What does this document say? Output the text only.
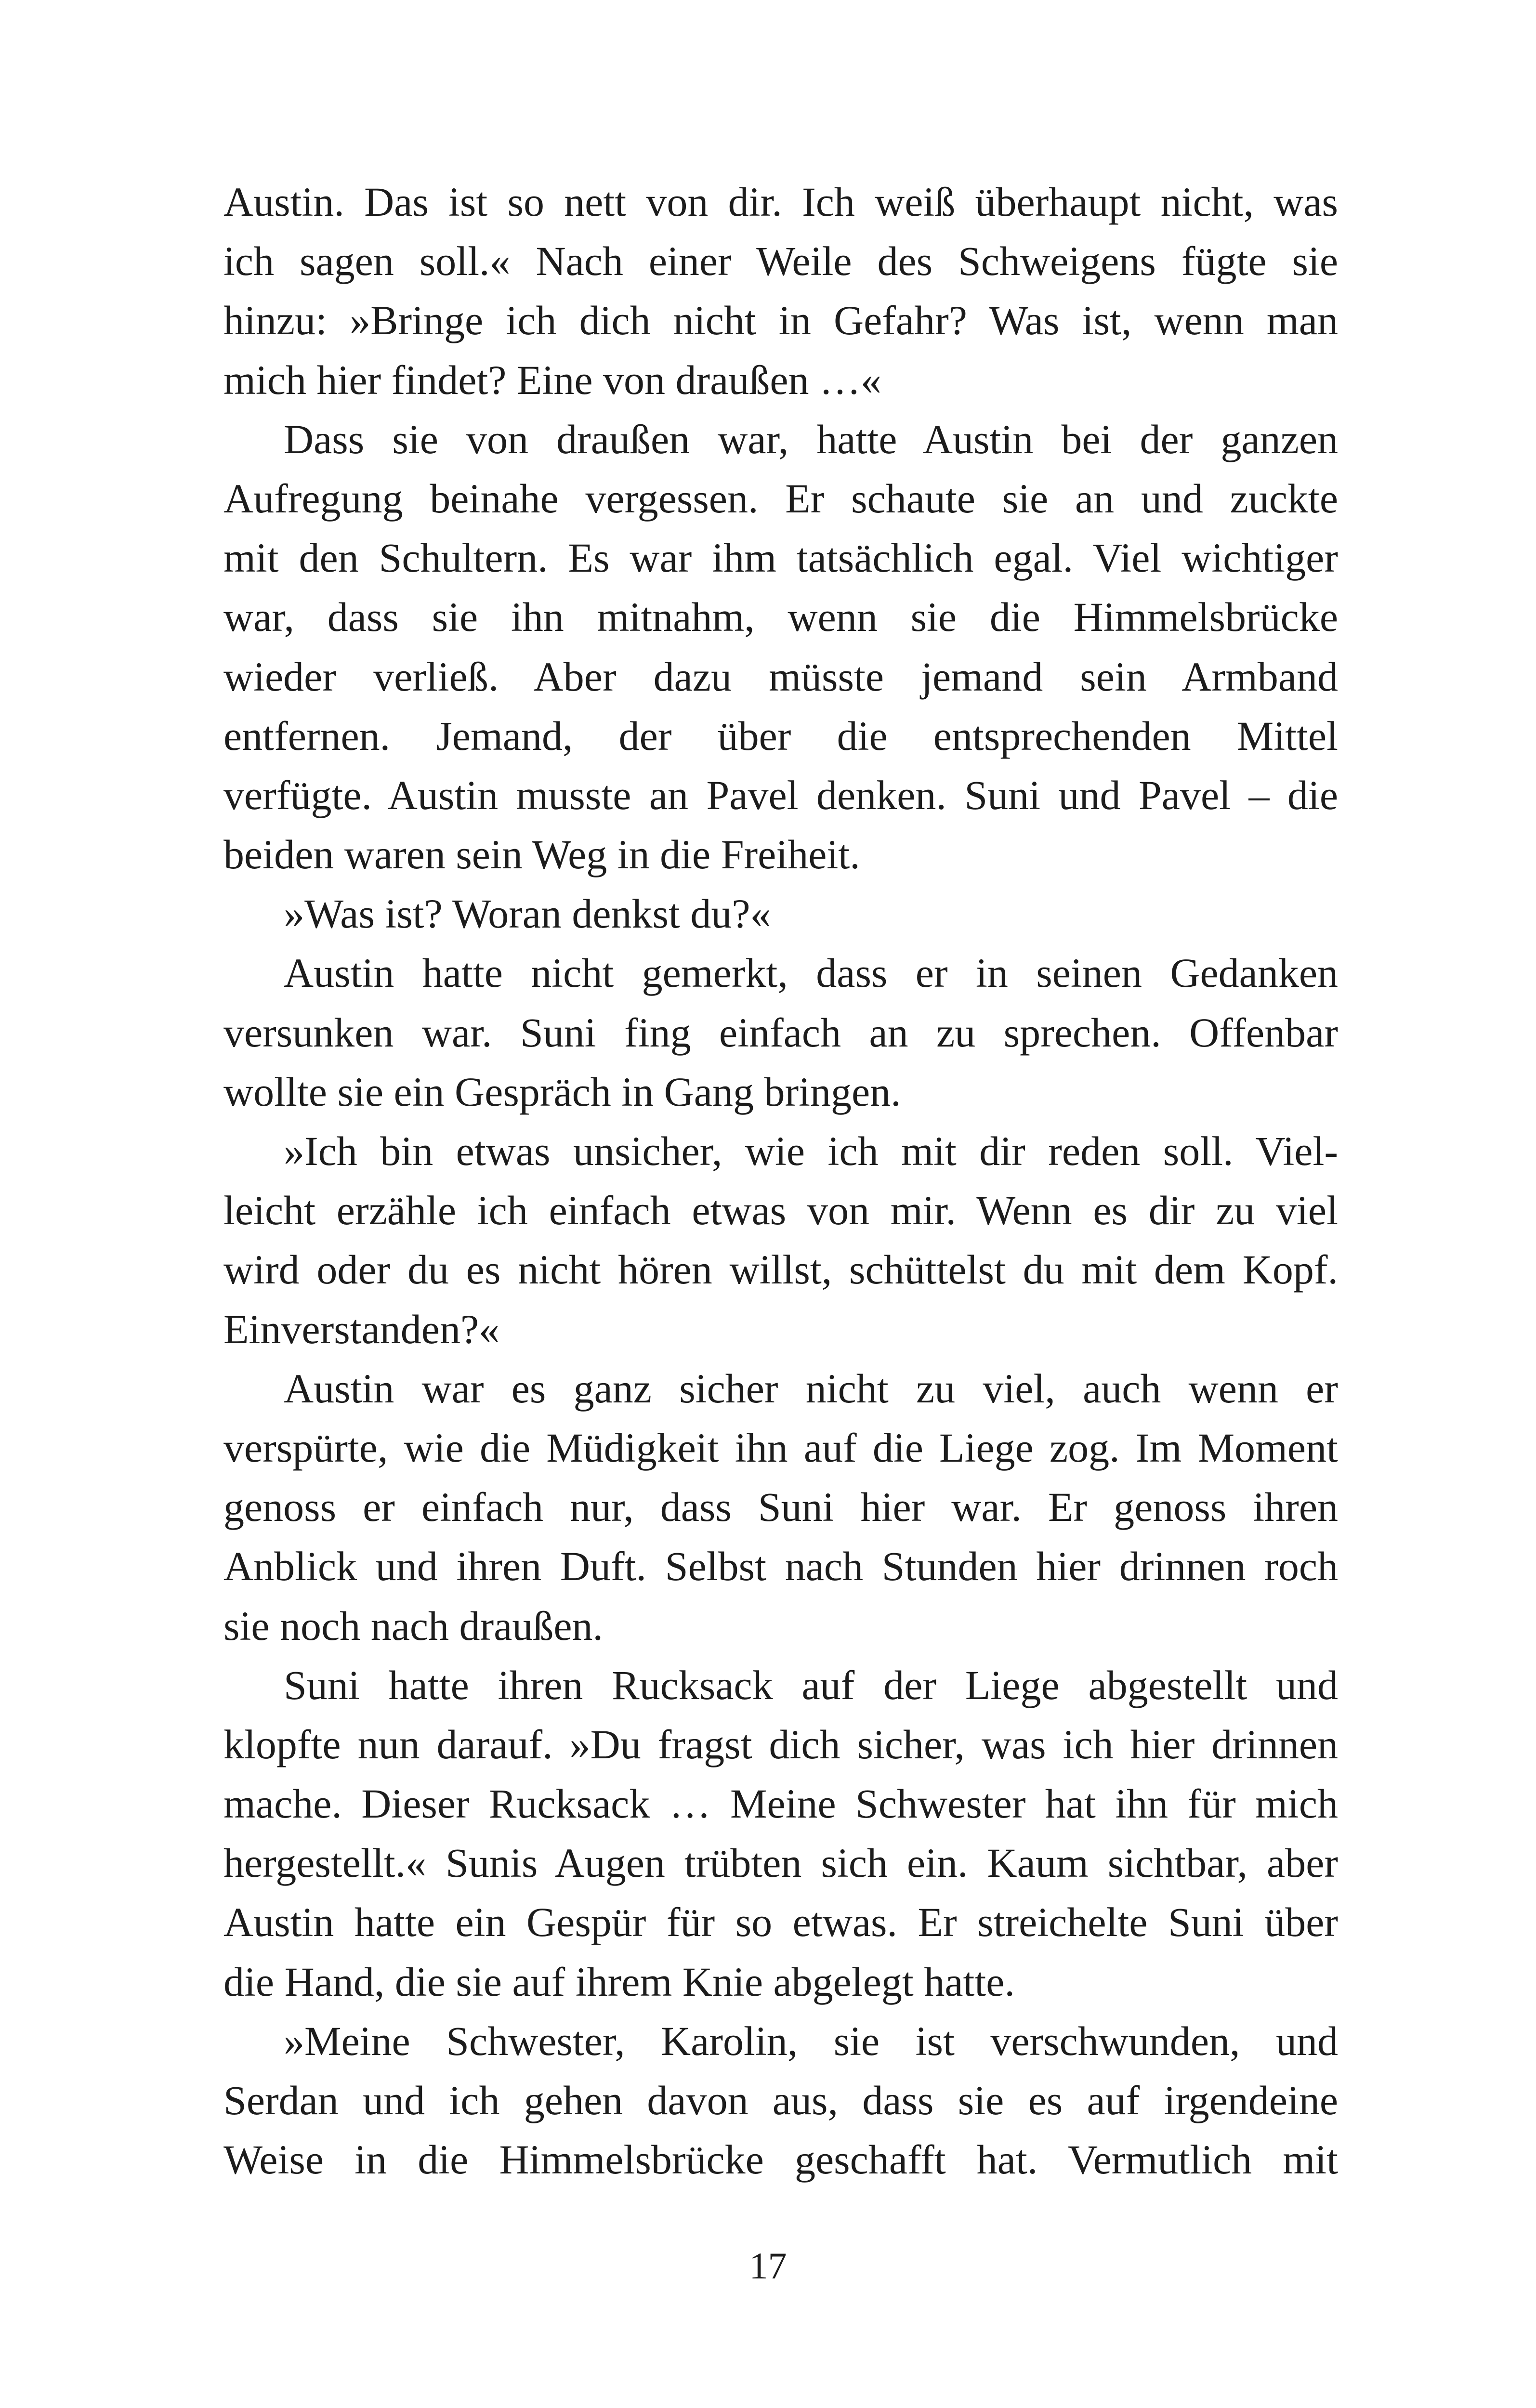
Austin. Das ist so nett von dir. Ich weiß überhaupt nicht, was
ich sagen soll.« Nach einer Weile des Schweigens fügte sie
hinzu: »Bringe ich dich nicht in Gefahr? Was ist, wenn man
mich hier findet? Eine von draußen …«
Dass sie von draußen war, hatte Austin bei der ganzen
Aufregung beinahe vergessen. Er schaute sie an und zuckte
mit den Schultern. Es war ihm tatsächlich egal. Viel wichtiger
war, dass sie ihn mitnahm, wenn sie die Himmelsbrücke
wieder verließ. Aber dazu müsste jemand sein Armband
entfernen. Jemand, der über die entsprechenden Mittel
verfügte. Austin musste an Pavel denken. Suni und Pavel – die
beiden waren sein Weg in die Freiheit.
»Was ist? Woran denkst du?«
Austin hatte nicht gemerkt, dass er in seinen Gedanken
versunken war. Suni fing einfach an zu sprechen. Offenbar
wollte sie ein Gespräch in Gang bringen.
»Ich bin etwas unsicher, wie ich mit dir reden soll. Viel-
leicht erzähle ich einfach etwas von mir. Wenn es dir zu viel
wird oder du es nicht hören willst, schüttelst du mit dem Kopf.
Einverstanden?«
Austin war es ganz sicher nicht zu viel, auch wenn er
verspürte, wie die Müdigkeit ihn auf die Liege zog. Im Moment
genoss er einfach nur, dass Suni hier war. Er genoss ihren
Anblick und ihren Duft. Selbst nach Stunden hier drinnen roch
sie noch nach draußen.
Suni hatte ihren Rucksack auf der Liege abgestellt und
klopfte nun darauf. »Du fragst dich sicher, was ich hier drinnen
mache. Dieser Rucksack … Meine Schwester hat ihn für mich
hergestellt.« Sunis Augen trübten sich ein. Kaum sichtbar, aber
Austin hatte ein Gespür für so etwas. Er streichelte Suni über
die Hand, die sie auf ihrem Knie abgelegt hatte.
»Meine Schwester, Karolin, sie ist verschwunden, und
Serdan und ich gehen davon aus, dass sie es auf irgendeine
Weise in die Himmelsbrücke geschafft hat. Vermutlich mit
17
